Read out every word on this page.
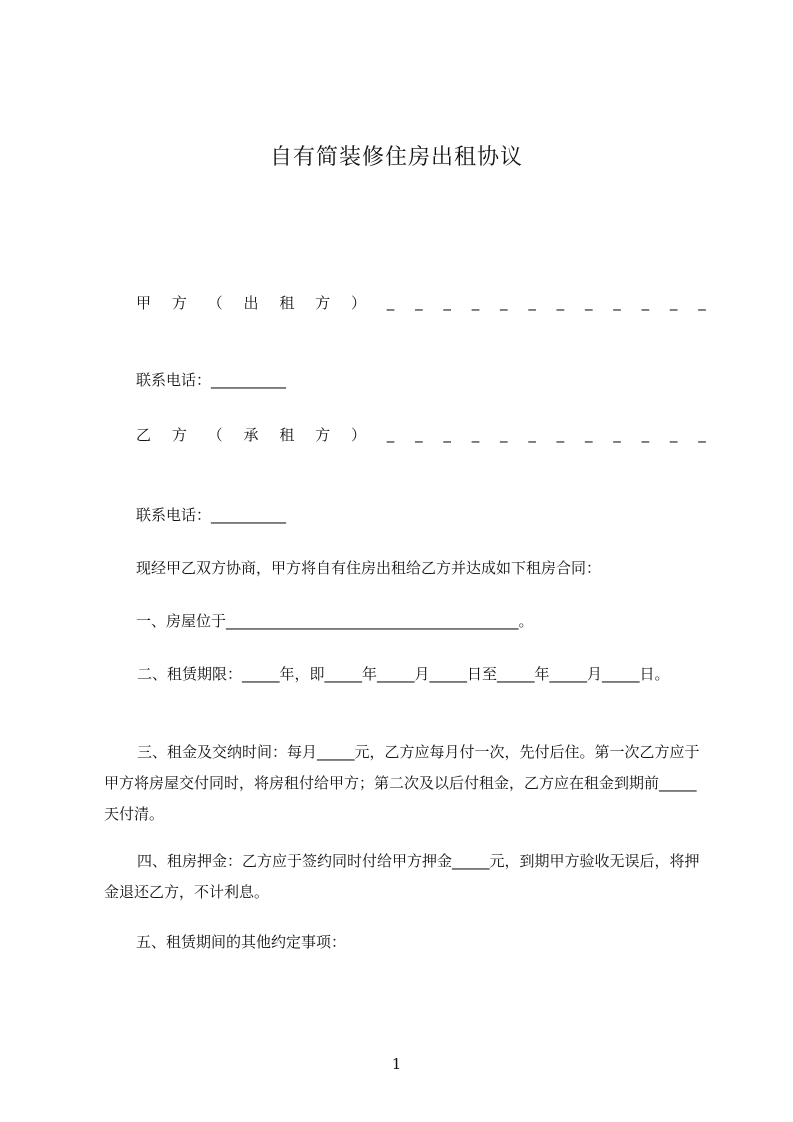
自有简装修住房出租协议
甲 方 （ 出 租 方 ） _ _ _ _ _ _ _ _ _ _ _ _
联系电话：__________
乙 方 （ 承 租 方 ） _ _ _ _ _ _ _ _ _ _ _ _
联系电话：__________
现经甲乙双方协商，甲方将自有住房出租给乙方并达成如下租房合同：
一、房屋位于_______________________________________。
二、租赁期限：_____年，即_____年_____月_____日至_____年_____月_____日。
三、租金及交纳时间：每月_____元，乙方应每月付一次，先付后住。第一次乙方应于甲方将房屋交付同时，将房租付给甲方；第二次及以后付租金，乙方应在租金到期前_____天付清。
四、租房押金：乙方应于签约同时付给甲方押金_____元，到期甲方验收无误后，将押金退还乙方，不计利息。
五、租赁期间的其他约定事项：
1
